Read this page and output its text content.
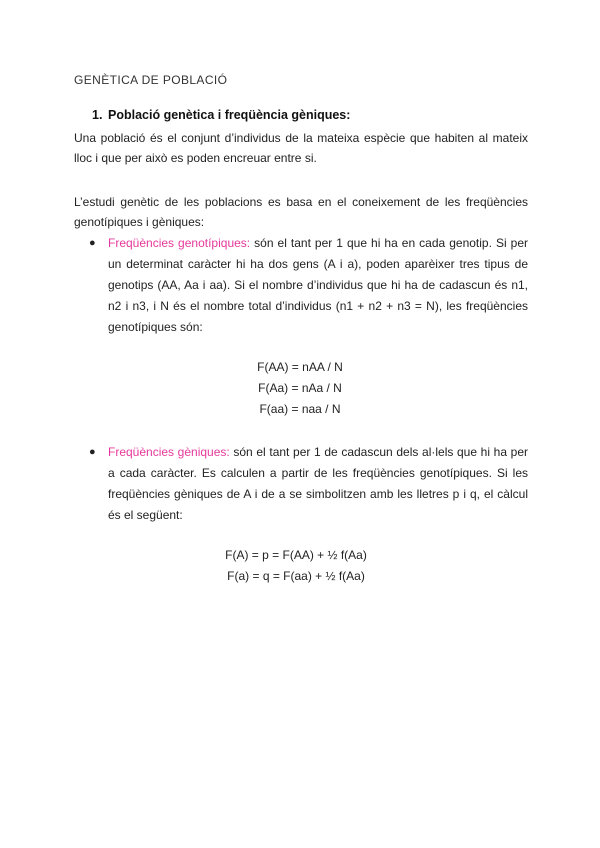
GENÈTICA DE POBLACIÓ
1. Població genètica i freqüència gèniques:
Una població és el conjunt d’individus de la mateixa espècie que habiten al mateix lloc i que per això es poden encreuar entre si.
L’estudi genètic de les poblacions es basa en el coneixement de les freqüències genotípiques i gèniques:
●	Freqüències genotípiques: són el tant per 1 que hi ha en cada genotip. Si per un determinat caràcter hi ha dos gens (A i a), poden aparèixer tres tipus de genotips (AA, Aa i aa). Si el nombre d’individus que hi ha de cadascun és n1, n2 i n3, i N és el nombre total d’individus (n1 + n2 + n3 = N), les freqüències genotípiques són:
F(AA) = nAA / N
F(Aa) = nAa / N
F(aa) = naa / N
●	Freqüències gèniques: són el tant per 1 de cadascun dels al·lels que hi ha per a cada caràcter. Es calculen a partir de les freqüències genotípiques. Si les freqüències gèniques de A i de a se simbolitzen amb les lletres p i q, el càlcul és el següent:
F(A) = p = F(AA) + ½ f(Aa)
F(a) = q = F(aa) + ½ f(Aa)
